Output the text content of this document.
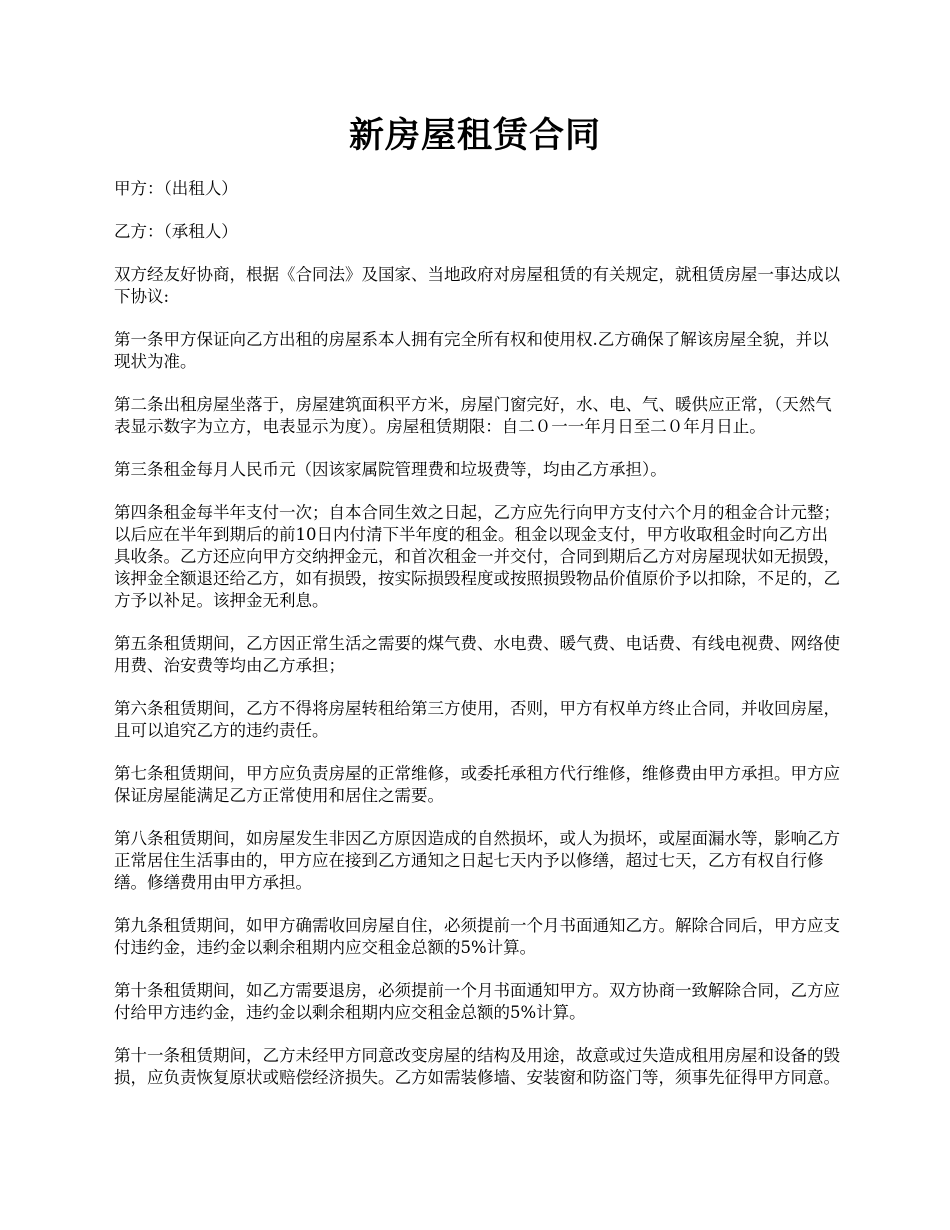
新房屋租赁合同

甲方：（出租人）

乙方：（承租人）

双方经友好协商，根据《合同法》及国家、当地政府对房屋租赁的有关规定，就租赁房屋一事达成以下协议:

第一条甲方保证向乙方出租的房屋系本人拥有完全所有权和使用权.乙方确保了解该房屋全貌，并以现状为准。

第二条出租房屋坐落于，房屋建筑面积平方米，房屋门窗完好，水、电、气、暖供应正常，（天然气表显示数字为立方，电表显示为度）。房屋租赁期限：自二０一一年月日至二０年月日止。

第三条租金每月人民币元（因该家属院管理费和垃圾费等，均由乙方承担）。

第四条租金每半年支付一次；自本合同生效之日起，乙方应先行向甲方支付六个月的租金合计元整；以后应在半年到期后的前10日内付清下半年度的租金。租金以现金支付，甲方收取租金时向乙方出具收条。乙方还应向甲方交纳押金元，和首次租金一并交付，合同到期后乙方对房屋现状如无损毁，该押金全额退还给乙方，如有损毁，按实际损毁程度或按照损毁物品价值原价予以扣除，不足的，乙方予以补足。该押金无利息。

第五条租赁期间，乙方因正常生活之需要的煤气费、水电费、暖气费、电话费、有线电视费、网络使用费、治安费等均由乙方承担；

第六条租赁期间，乙方不得将房屋转租给第三方使用，否则，甲方有权单方终止合同，并收回房屋，且可以追究乙方的违约责任。

第七条租赁期间，甲方应负责房屋的正常维修，或委托承租方代行维修，维修费由甲方承担。甲方应保证房屋能满足乙方正常使用和居住之需要。

第八条租赁期间，如房屋发生非因乙方原因造成的自然损坏，或人为损坏，或屋面漏水等，影响乙方正常居住生活事由的，甲方应在接到乙方通知之日起七天内予以修缮，超过七天，乙方有权自行修缮。修缮费用由甲方承担。

第九条租赁期间，如甲方确需收回房屋自住，必须提前一个月书面通知乙方。解除合同后，甲方应支付违约金，违约金以剩余租期内应交租金总额的5%计算。

第十条租赁期间，如乙方需要退房，必须提前一个月书面通知甲方。双方协商一致解除合同，乙方应付给甲方违约金，违约金以剩余租期内应交租金总额的5%计算。

第十一条租赁期间，乙方未经甲方同意改变房屋的结构及用途，故意或过失造成租用房屋和设备的毁损，应负责恢复原状或赔偿经济损失。乙方如需装修墙、安装窗和防盗门等，须事先征得甲方同意。
